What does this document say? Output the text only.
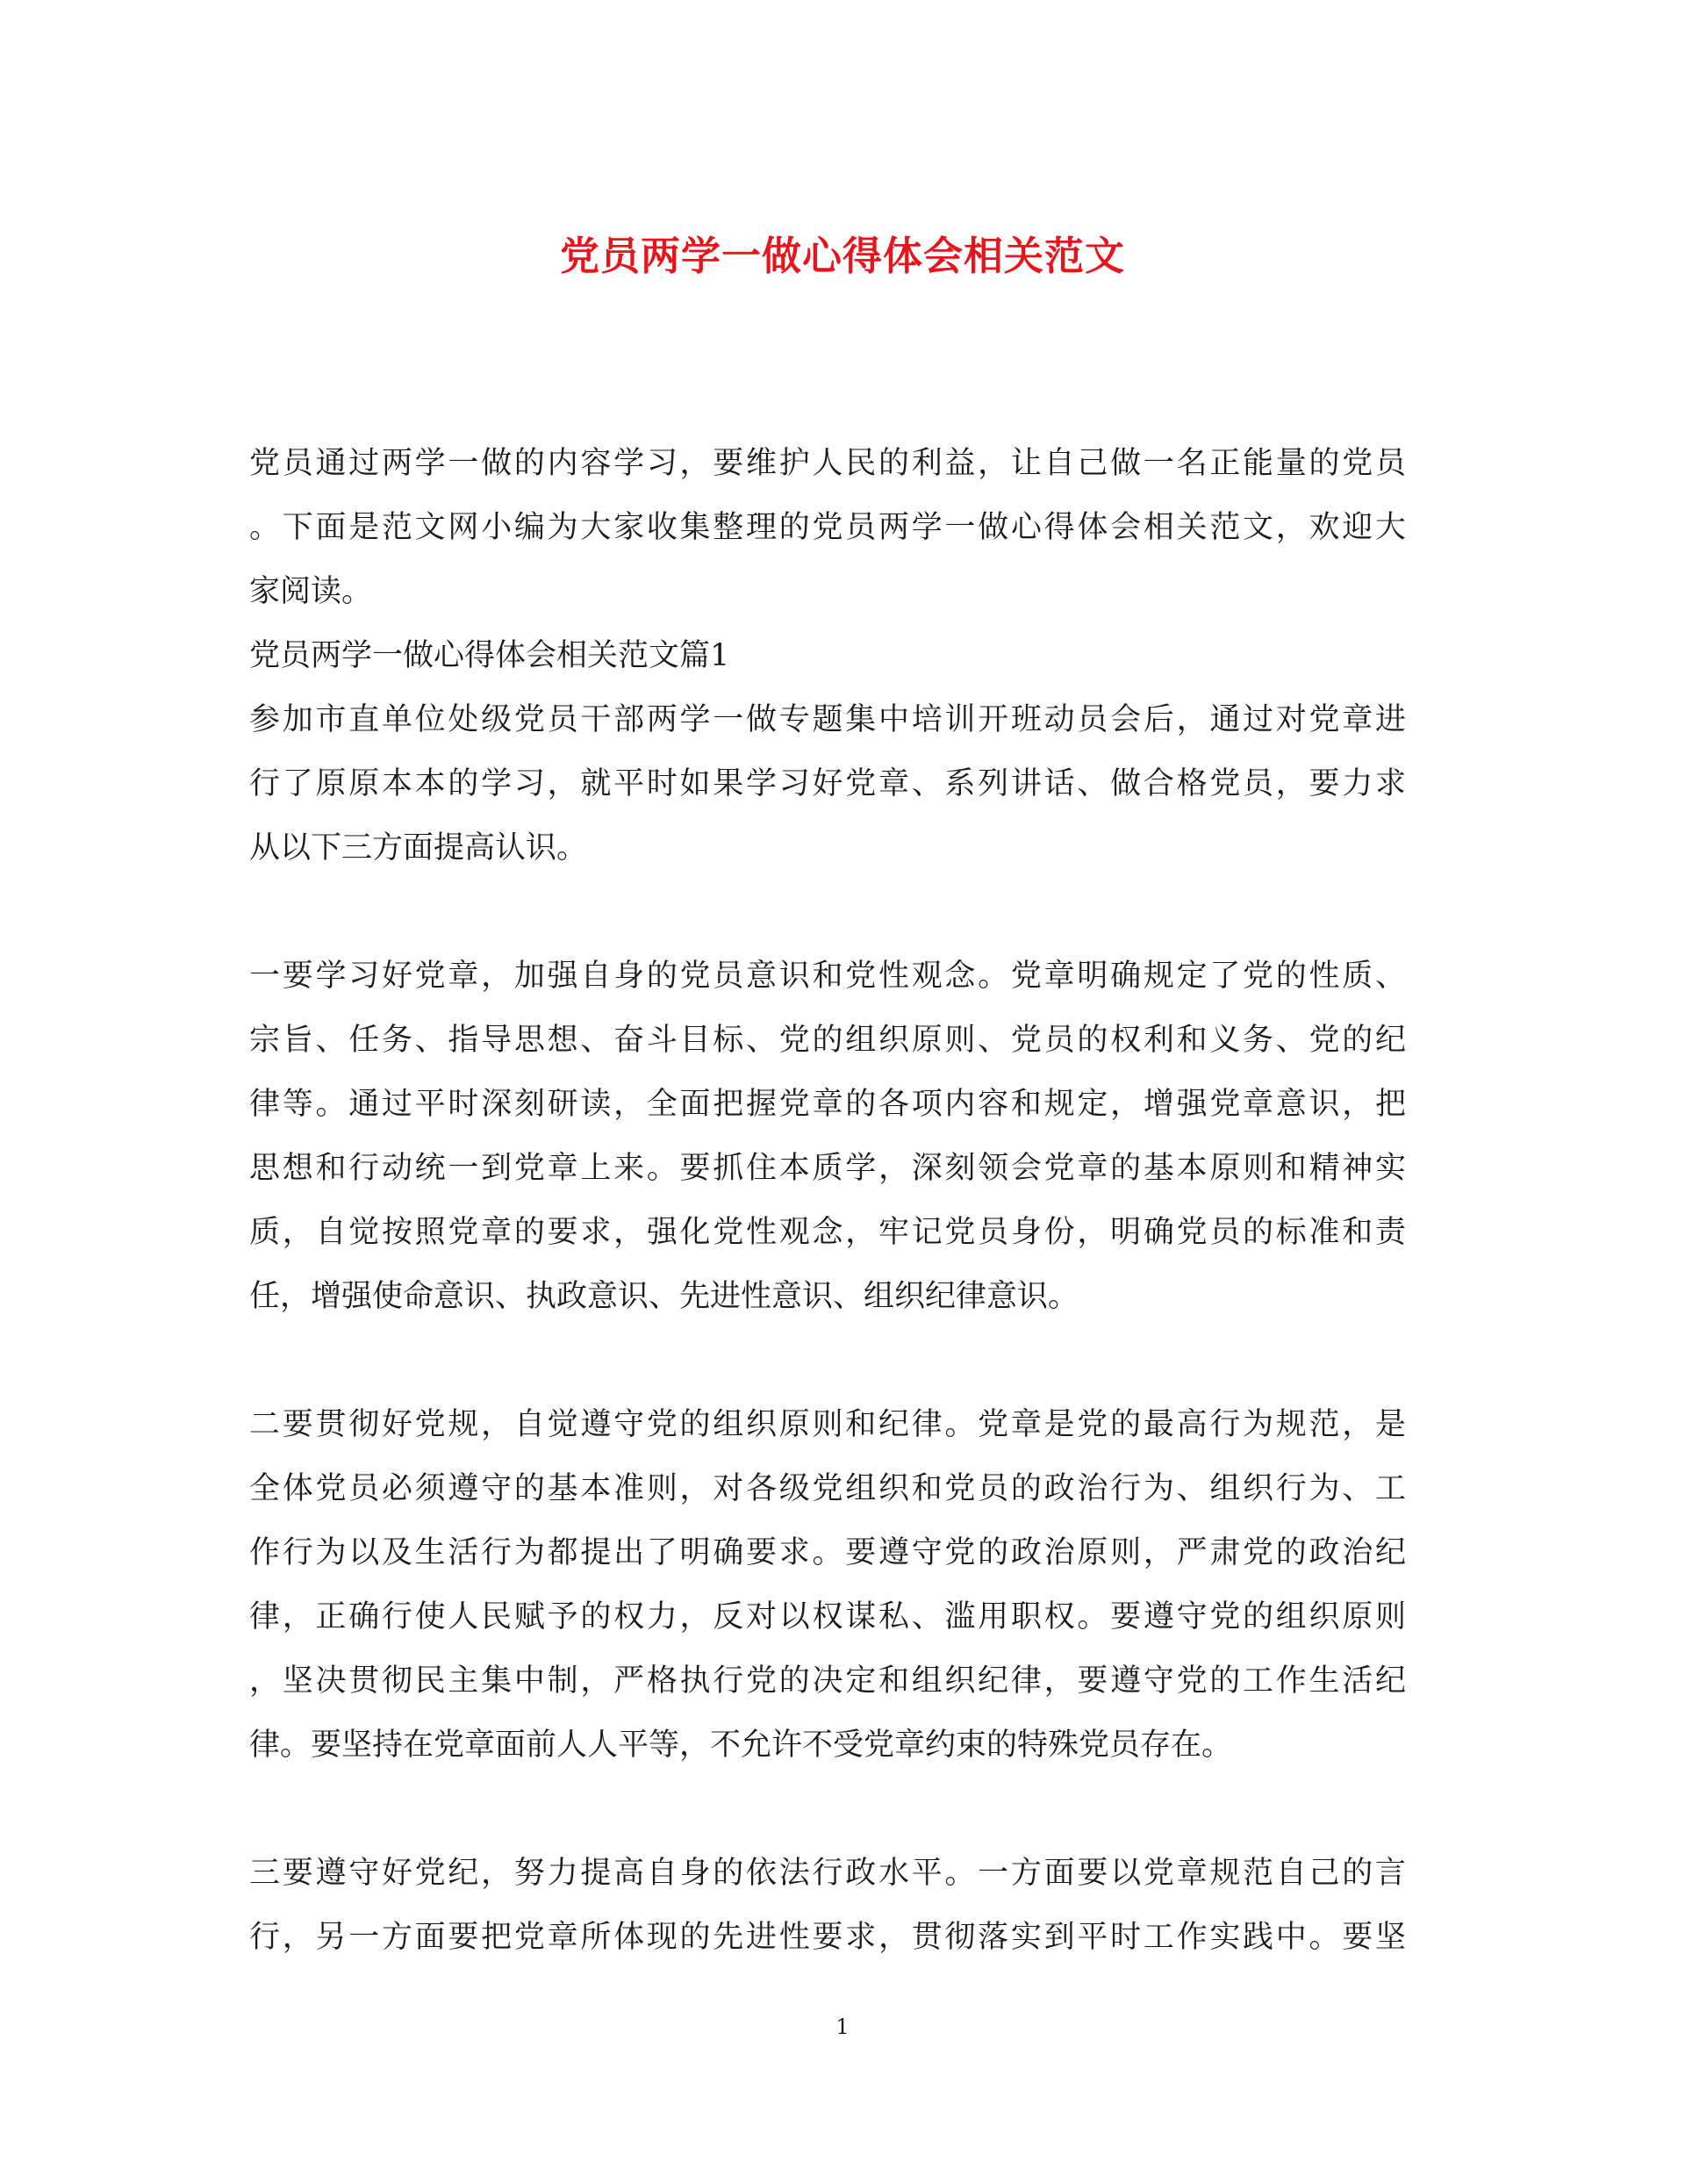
党员两学一做心得体会相关范文
党员通过两学一做的内容学习，要维护人民的利益，让自己做一名正能量的党员
。下面是范文网小编为大家收集整理的党员两学一做心得体会相关范文，欢迎大
家阅读。
党员两学一做心得体会相关范文篇1
参加市直单位处级党员干部两学一做专题集中培训开班动员会后，通过对党章进
行了原原本本的学习，就平时如果学习好党章、系列讲话、做合格党员，要力求
从以下三方面提高认识。
一要学习好党章，加强自身的党员意识和党性观念。党章明确规定了党的性质、
宗旨、任务、指导思想、奋斗目标、党的组织原则、党员的权利和义务、党的纪
律等。通过平时深刻研读，全面把握党章的各项内容和规定，增强党章意识，把
思想和行动统一到党章上来。要抓住本质学，深刻领会党章的基本原则和精神实
质，自觉按照党章的要求，强化党性观念，牢记党员身份，明确党员的标准和责
任，增强使命意识、执政意识、先进性意识、组织纪律意识。
二要贯彻好党规，自觉遵守党的组织原则和纪律。党章是党的最高行为规范，是
全体党员必须遵守的基本准则，对各级党组织和党员的政治行为、组织行为、工
作行为以及生活行为都提出了明确要求。要遵守党的政治原则，严肃党的政治纪
律，正确行使人民赋予的权力，反对以权谋私、滥用职权。要遵守党的组织原则
，坚决贯彻民主集中制，严格执行党的决定和组织纪律，要遵守党的工作生活纪
律。要坚持在党章面前人人平等，不允许不受党章约束的特殊党员存在。
三要遵守好党纪，努力提高自身的依法行政水平。一方面要以党章规范自己的言
行，另一方面要把党章所体现的先进性要求，贯彻落实到平时工作实践中。要坚
1
